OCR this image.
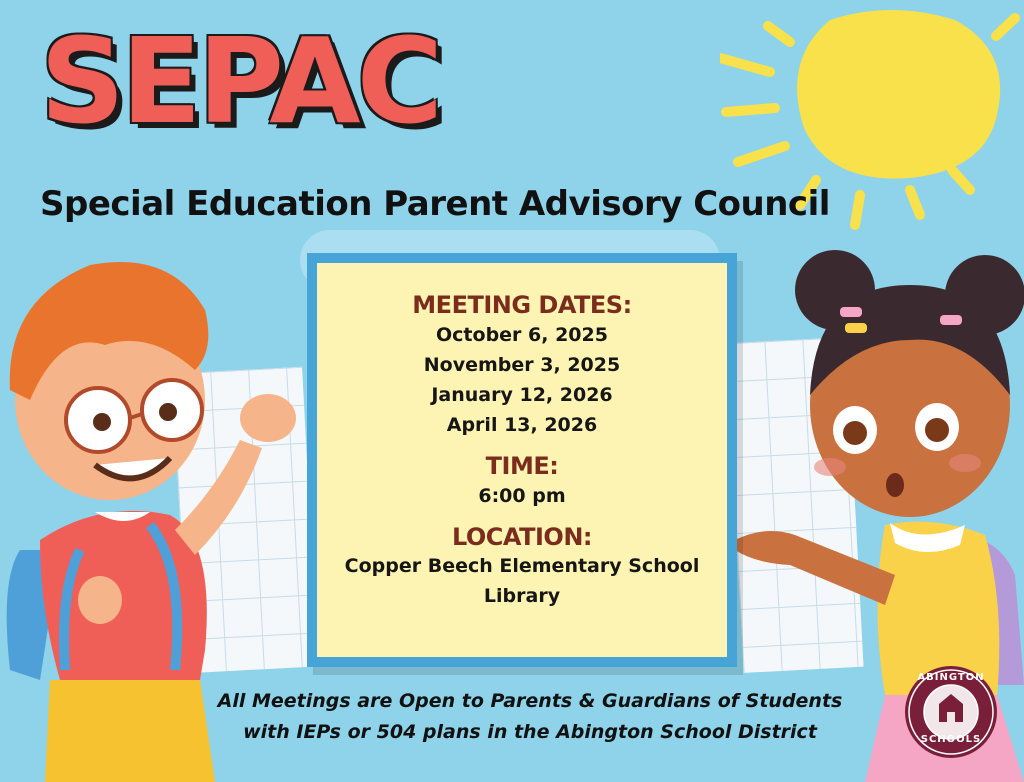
SEPAC
Special Education Parent Advisory Council

MEETING DATES:

October 6, 2025

November 3, 2025

January 12, 2026

April 13, 2026

TIME:

6:00 pm

LOCATION:

Copper Beech Elementary School

Library

All Meetings are Open to Parents & Guardians of Students

with IEPs or 504 plans in the Abington School District

ABINGTON
SCHOOLS
